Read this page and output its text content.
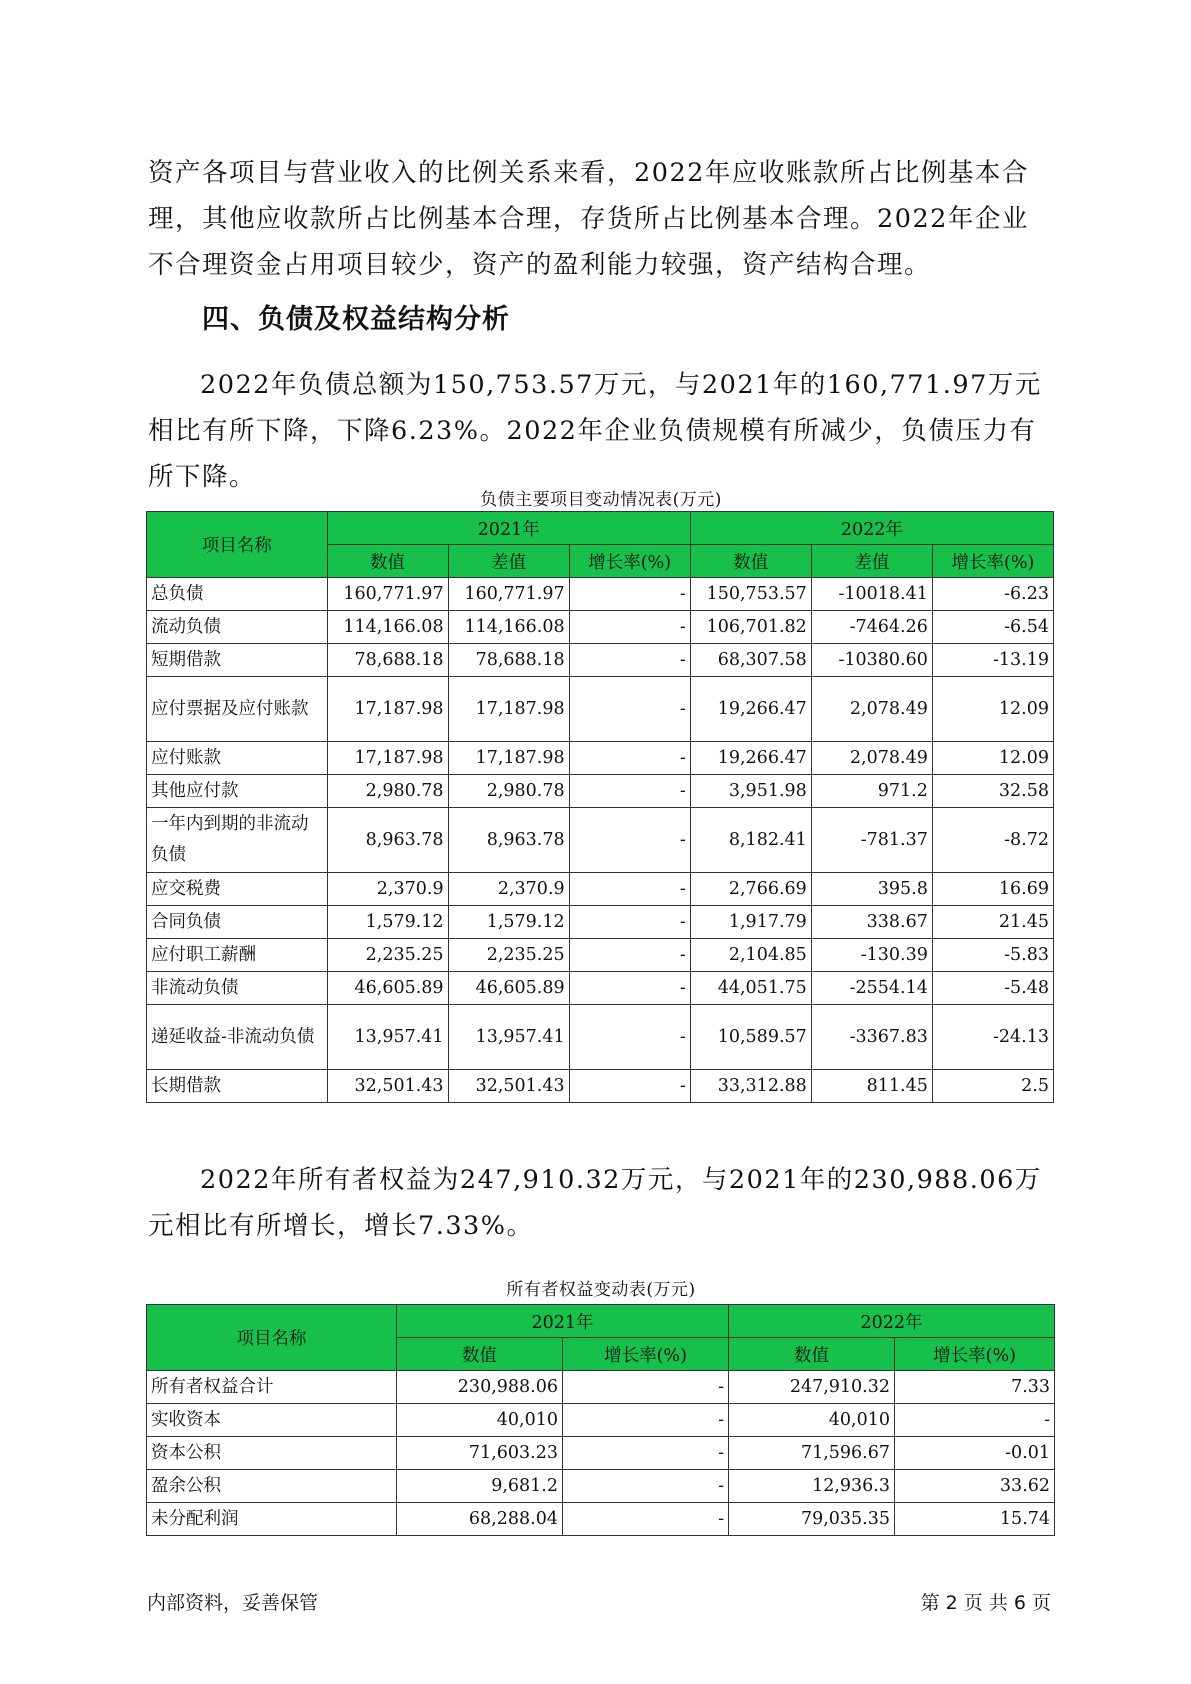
资产各项目与营业收入的比例关系来看，2022年应收账款所占比例基本合理，其他应收款所占比例基本合理，存货所占比例基本合理。2022年企业不合理资金占用项目较少，资产的盈利能力较强，资产结构合理。

四、负债及权益结构分析

2022年负债总额为150,753.57万元，与2021年的160,771.97万元相比有所下降，下降6.23%。2022年企业负债规模有所减少，负债压力有所下降。

负债主要项目变动情况表(万元)
项目名称	2021年			2022年		
	数值	差值	增长率(%)	数值	差值	增长率(%)
总负债	160,771.97	160,771.97	-	150,753.57	-10018.41	-6.23
流动负债	114,166.08	114,166.08	-	106,701.82	-7464.26	-6.54
短期借款	78,688.18	78,688.18	-	68,307.58	-10380.60	-13.19
应付票据及应付账款	17,187.98	17,187.98	-	19,266.47	2,078.49	12.09
应付账款	17,187.98	17,187.98	-	19,266.47	2,078.49	12.09
其他应付款	2,980.78	2,980.78	-	3,951.98	971.2	32.58
一年内到期的非流动负债	8,963.78	8,963.78	-	8,182.41	-781.37	-8.72
应交税费	2,370.9	2,370.9	-	2,766.69	395.8	16.69
合同负债	1,579.12	1,579.12	-	1,917.79	338.67	21.45
应付职工薪酬	2,235.25	2,235.25	-	2,104.85	-130.39	-5.83
非流动负债	46,605.89	46,605.89	-	44,051.75	-2554.14	-5.48
递延收益-非流动负债	13,957.41	13,957.41	-	10,589.57	-3367.83	-24.13
长期借款	32,501.43	32,501.43	-	33,312.88	811.45	2.5

2022年所有者权益为247,910.32万元，与2021年的230,988.06万元相比有所增长，增长7.33%。

所有者权益变动表(万元)
项目名称	2021年		2022年	
	数值	增长率(%)	数值	增长率(%)
所有者权益合计	230,988.06	-	247,910.32	7.33
实收资本	40,010	-	40,010	-
资本公积	71,603.23	-	71,596.67	-0.01
盈余公积	9,681.2	-	12,936.3	33.62
未分配利润	68,288.04	-	79,035.35	15.74
内部资料，妥善保管	第 2 页 共 6 页
